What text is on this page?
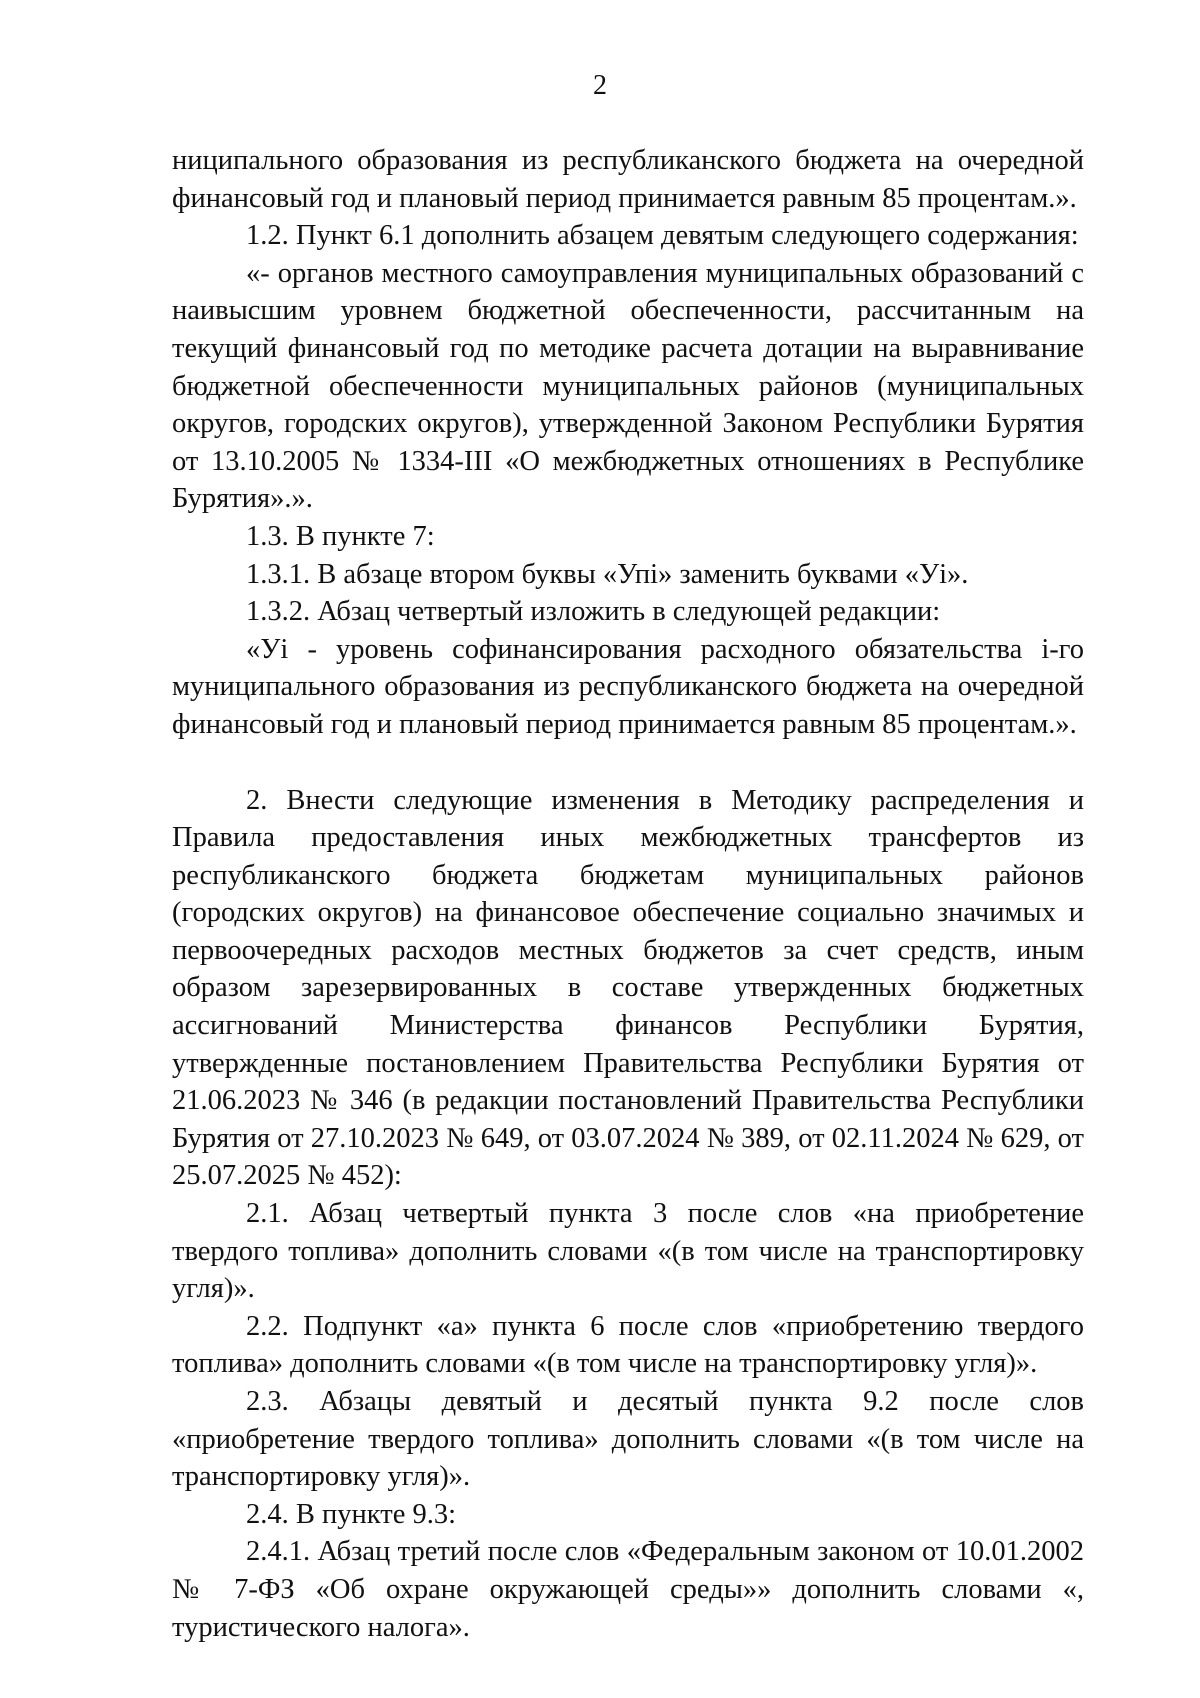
2

ниципального образования из республиканского бюджета на очередной финансовый год и плановый период принимается равным 85 процентам.».

1.2. Пункт 6.1 дополнить абзацем девятым следующего содержания:

«- органов местного самоуправления муниципальных образований с наивысшим уровнем бюджетной обеспеченности, рассчитанным на текущий финансовый год по методике расчета дотации на выравнивание бюджетной обеспеченности муниципальных районов (муниципальных округов, городских округов), утвержденной Законом Республики Бурятия от 13.10.2005 № 1334-III «О межбюджетных отношениях в Республике Бурятия».».

1.3. В пункте 7:

1.3.1. В абзаце втором буквы «Упi» заменить буквами «Уi».

1.3.2. Абзац четвертый изложить в следующей редакции:

«Уi - уровень софинансирования расходного обязательства i-го муниципального образования из республиканского бюджета на очередной финансовый год и плановый период принимается равным 85 процентам.».

2. Внести следующие изменения в Методику распределения и Правила предоставления иных межбюджетных трансфертов из республиканского бюджета бюджетам муниципальных районов (городских округов) на финансовое обеспечение социально значимых и первоочередных расходов местных бюджетов за счет средств, иным образом зарезервированных в составе утвержденных бюджетных ассигнований Министерства финансов Республики Бурятия, утвержденные постановлением Правительства Республики Бурятия от 21.06.2023 № 346 (в редакции постановлений Правительства Республики Бурятия от 27.10.2023 № 649, от 03.07.2024 № 389, от 02.11.2024 № 629, от 25.07.2025 № 452):

2.1. Абзац четвертый пункта 3 после слов «на приобретение твердого топлива» дополнить словами «(в том числе на транспортировку угля)».

2.2. Подпункт «а» пункта 6 после слов «приобретению твердого топлива» дополнить словами «(в том числе на транспортировку угля)».

2.3. Абзацы девятый и десятый пункта 9.2 после слов «приобретение твердого топлива» дополнить словами «(в том числе на транспортировку угля)».

2.4. В пункте 9.3:

2.4.1. Абзац третий после слов «Федеральным законом от 10.01.2002 № 7-ФЗ «Об охране окружающей среды»» дополнить словами «, туристического налога».
